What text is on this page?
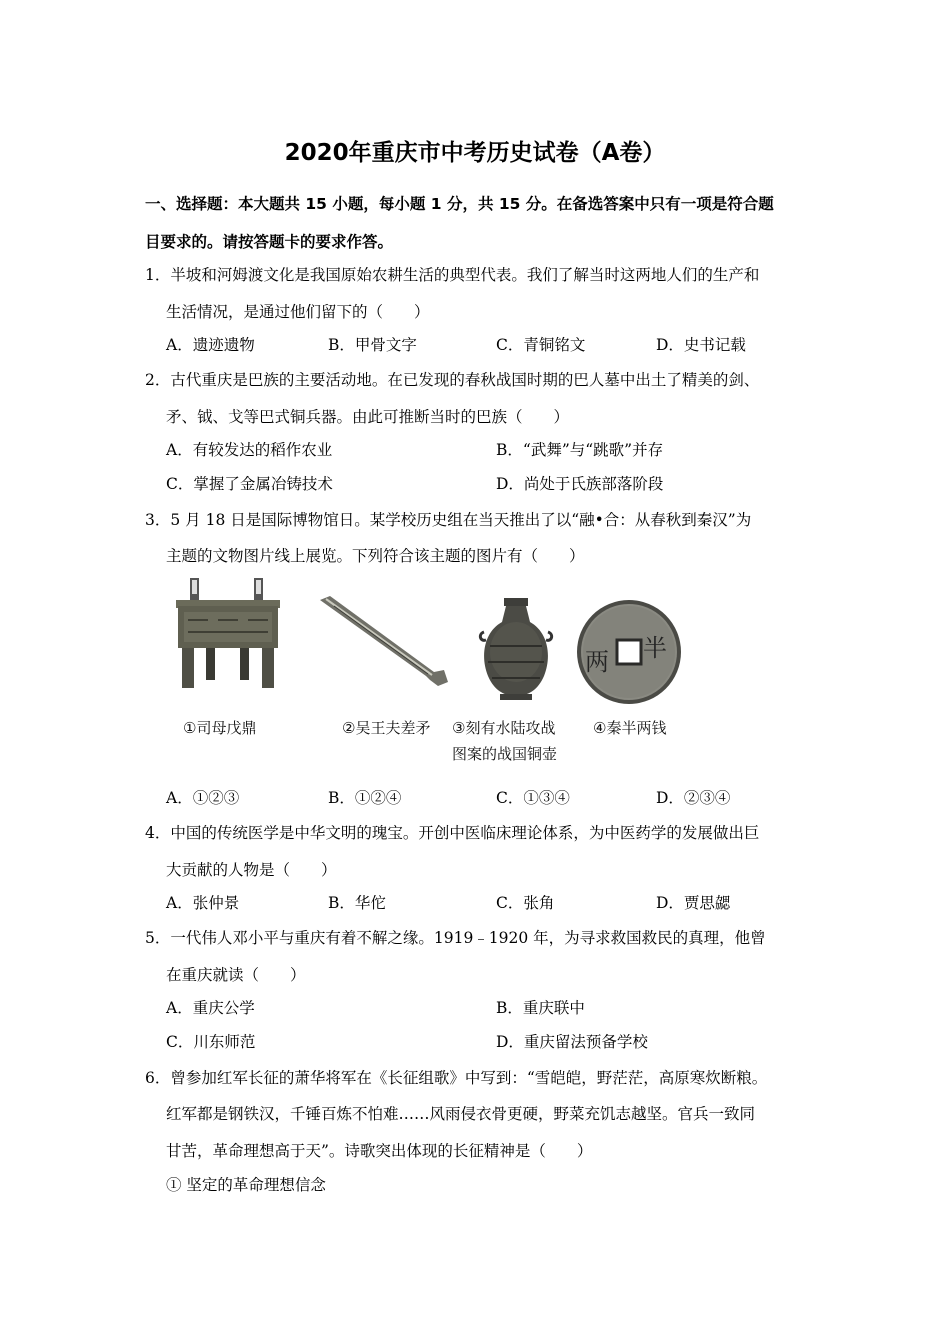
2020年重庆市中考历史试卷（A卷）
一、选择题：本大题共 15 小题，每小题 1 分，共 15 分。在备选答案中只有一项是符合题
目要求的。请按答题卡的要求作答。
1．半坡和河姆渡文化是我国原始农耕生活的典型代表。我们了解当时这两地人们的生产和
生活情况，是通过他们留下的（　　）
A．遗迹遗物	B．甲骨文字	C．青铜铭文	D．史书记载
2．古代重庆是巴族的主要活动地。在已发现的春秋战国时期的巴人墓中出土了精美的剑、
矛、钺、戈等巴式铜兵器。由此可推断当时的巴族（　　）
A．有较发达的稻作农业	B．“武舞”与“跳歌”并存
C．掌握了金属冶铸技术	D．尚处于氏族部落阶段
3．5 月 18 日是国际博物馆日。某学校历史组在当天推出了以“融•合：从春秋到秦汉”为
主题的文物图片线上展览。下列符合该主题的图片有（　　）
半
两
①司母戊鼎	②吴王夫差矛 ③刻有水陆攻战
图案的战国铜壶
④秦半两钱
A．①②③	B．①②④	C．①③④	D．②③④
4．中国的传统医学是中华文明的瑰宝。开创中医临床理论体系，为中医药学的发展做出巨
大贡献的人物是（　　）
A．张仲景	B．华佗	C．张角	D．贾思勰
5．一代伟人邓小平与重庆有着不解之缘。1919﹣1920 年，为寻求救国救民的真理，他曾
在重庆就读（　　）
A．重庆公学	B．重庆联中
C．川东师范	D．重庆留法预备学校
6．曾参加红军长征的萧华将军在《长征组歌》中写到：“雪皑皑，野茫茫，高原寒炊断粮。
红军都是钢铁汉，千锤百炼不怕难……风雨侵衣骨更硬，野菜充饥志越坚。官兵一致同
甘苦，革命理想高于天”。诗歌突出体现的长征精神是（　　）
① 坚定的革命理想信念
